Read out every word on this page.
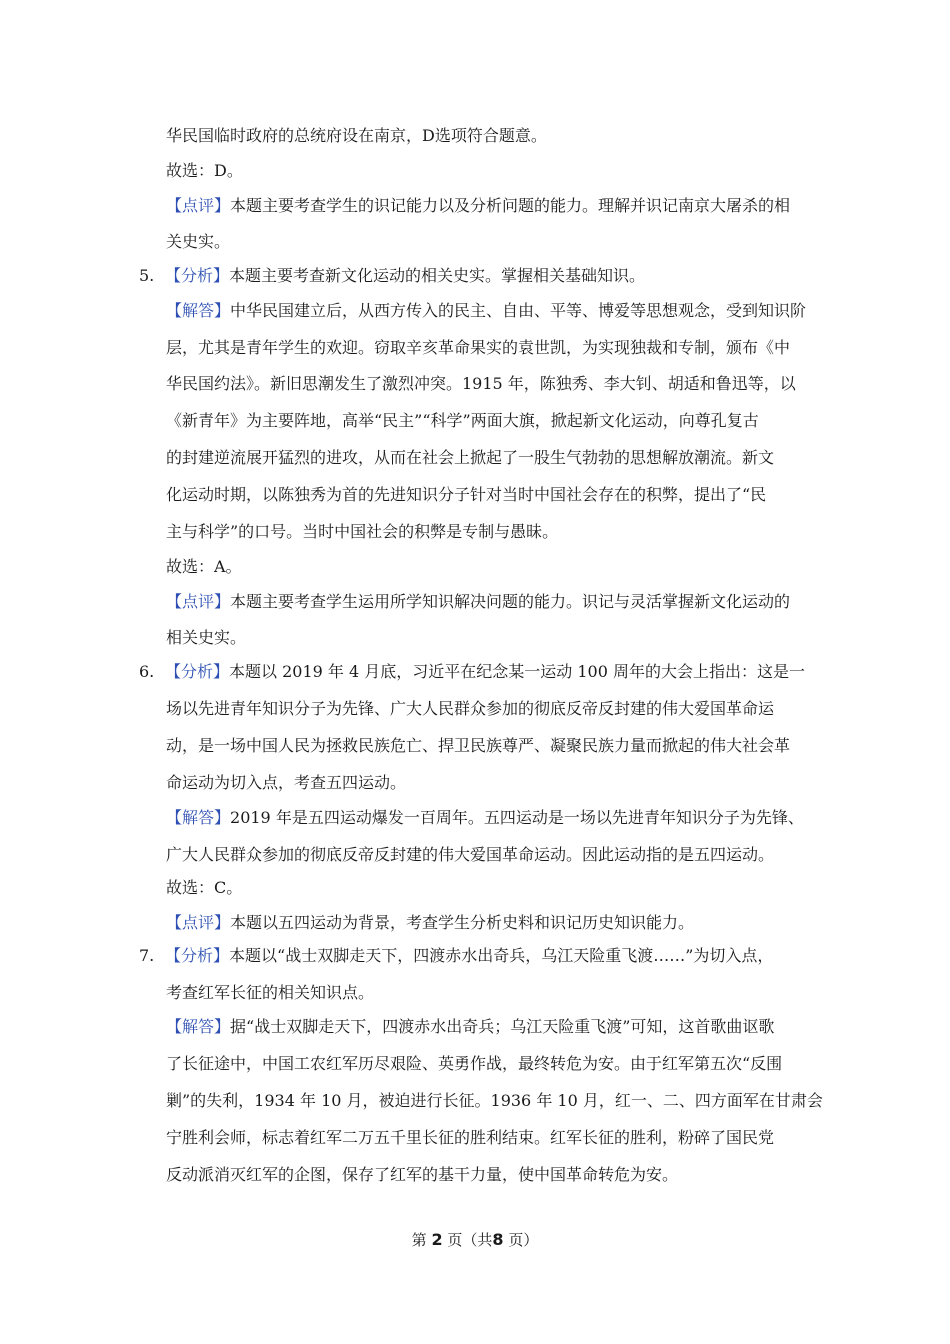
华民国临时政府的总统府设在南京，D选项符合题意。
故选：D。
【点评】本题主要考查学生的识记能力以及分析问题的能力。理解并识记南京大屠杀的相
关史实。
5. 【分析】本题主要考查新文化运动的相关史实。掌握相关基础知识。
【解答】中华民国建立后，从西方传入的民主、自由、平等、博爱等思想观念，受到知识阶
层，尤其是青年学生的欢迎。窃取辛亥革命果实的袁世凯，为实现独裁和专制，颁布《中
华民国约法》。新旧思潮发生了激烈冲突。1915 年，陈独秀、李大钊、胡适和鲁迅等，以
《新青年》为主要阵地，高举“民主”“科学”两面大旗，掀起新文化运动，向尊孔复古
的封建逆流展开猛烈的进攻，从而在社会上掀起了一股生气勃勃的思想解放潮流。新文
化运动时期，以陈独秀为首的先进知识分子针对当时中国社会存在的积弊，提出了“民
主与科学”的口号。当时中国社会的积弊是专制与愚昧。
故选：A。
【点评】本题主要考查学生运用所学知识解决问题的能力。识记与灵活掌握新文化运动的
相关史实。
6. 【分析】本题以 2019 年 4 月底，习近平在纪念某一运动 100 周年的大会上指出：这是一
场以先进青年知识分子为先锋、广大人民群众参加的彻底反帝反封建的伟大爱国革命运
动，是一场中国人民为拯救民族危亡、捍卫民族尊严、凝聚民族力量而掀起的伟大社会革
命运动为切入点，考查五四运动。
【解答】2019 年是五四运动爆发一百周年。五四运动是一场以先进青年知识分子为先锋、
广大人民群众参加的彻底反帝反封建的伟大爱国革命运动。因此运动指的是五四运动。
故选：C。
【点评】本题以五四运动为背景，考查学生分析史料和识记历史知识能力。
7. 【分析】本题以“战士双脚走天下，四渡赤水出奇兵，乌江天险重飞渡……”为切入点，
考查红军长征的相关知识点。
【解答】据“战士双脚走天下，四渡赤水出奇兵；乌江天险重飞渡”可知，这首歌曲讴歌
了长征途中，中国工农红军历尽艰险、英勇作战，最终转危为安。由于红军第五次“反围
剿”的失利，1934 年 10 月，被迫进行长征。1936 年 10 月，红一、二、四方面军在甘肃会
宁胜利会师，标志着红军二万五千里长征的胜利结束。红军长征的胜利，粉碎了国民党
反动派消灭红军的企图，保存了红军的基干力量，使中国革命转危为安。
第 2 页（共8 页）
